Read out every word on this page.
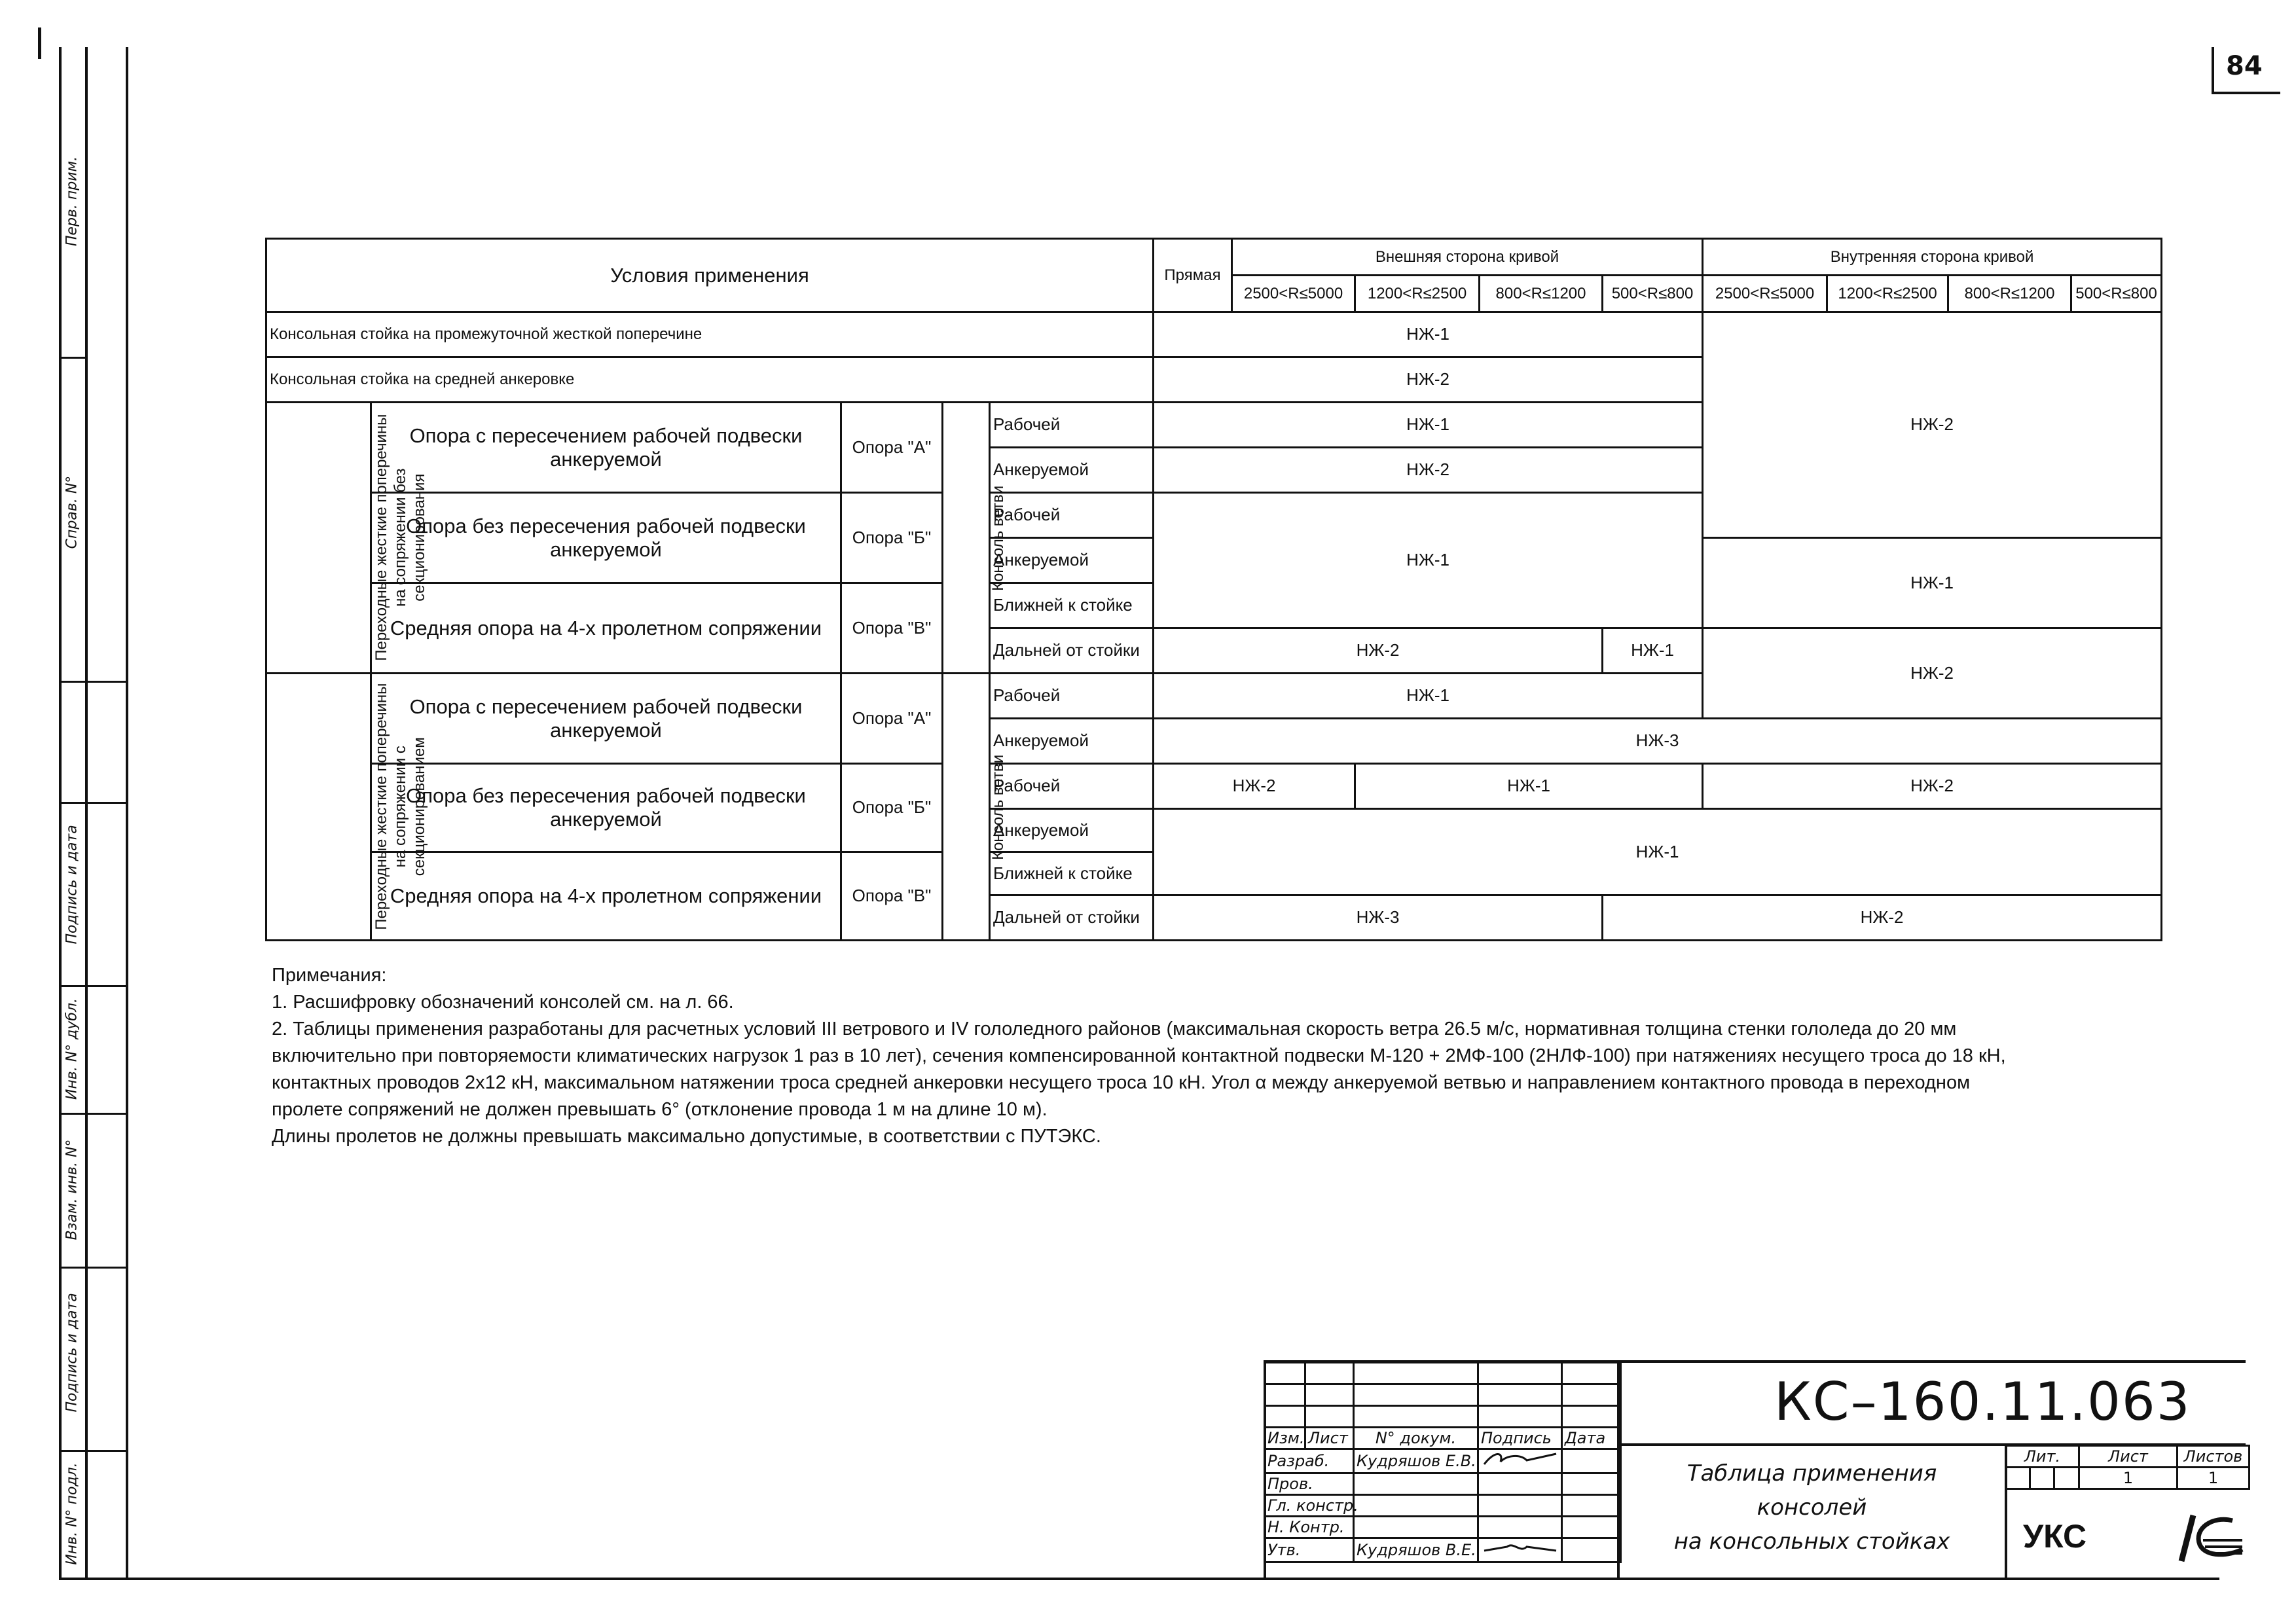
84
Перв. прим.
Справ. N°
Подпись и дата
Инв. N° дубл.
Взам. инв. N°
Подпись и дата
Инв. N° подл.
Условия применения					Прямая	Внешняя сторона кривой				Внутренняя сторона кривой			
						2500<R≤5000	1200<R≤2500	800<R≤1200	500<R≤800	2500<R≤5000	1200<R≤2500	800<R≤1200	500<R≤800
Консольная стойка на промежуточной жесткой поперечине					НЖ-1					НЖ-2			
Консольная стойка на средней анкеровке					НЖ-2								
Переходные жесткие поперечины на сопряжении без секционирования	Опора с пересечением рабочей подвески анкеруемой	Опора "А"	Консоль ветви	Рабочей	НЖ-1								
				Анкеруемой	НЖ-2								
	Опора без пересечения рабочей подвески анкеруемой	Опора "Б"		Рабочей	НЖ-1								
				Анкеруемой						НЖ-1			
	Средняя опора на 4-х пролетном сопряжении	Опора "В"		Ближней к стойке									
				Дальней от стойки	НЖ-2				НЖ-1	НЖ-2			
Переходные жесткие поперечины на сопряжении с секционированием	Опора с пересечением рабочей подвески анкеруемой	Опора "А"	Консоль ветви	Рабочей	НЖ-1								
				Анкеруемой	НЖ-3								
	Опора без пересечения рабочей подвески анкеруемой	Опора "Б"		Рабочей	НЖ-2		НЖ-1			НЖ-2			
				Анкеруемой	НЖ-1								
	Средняя опора на 4-х пролетном сопряжении	Опора "В"		Ближней к стойке									
				Дальней от стойки	НЖ-3				НЖ-2				
Примечания:
1. Расшифровку обозначений консолей см. на л. 66.
2. Таблицы применения разработаны для расчетных условий III ветрового и IV гололедного районов (максимальная скорость ветра 26.5 м/с, нормативная толщина стенки гололеда до 20 мм
включительно при повторяемости климатических нагрузок 1 раз в 10 лет), сечения компенсированной контактной подвески М-120 + 2МФ-100 (2НЛФ-100) при натяжениях несущего троса до 18 кН,
контактных проводов 2х12 кН, максимальном натяжении троса средней анкеровки несущего троса 10 кН. Угол α между анкеруемой ветвью и направлением контактного провода в переходном
пролете сопряжений не должен превышать 6° (отклонение провода 1 м на длине 10 м).
Длины пролетов не должны превышать максимально допустимые, в соответствии с ПУТЭКС.

Изм.	Лист	N° докум.	Подпись	Дата
Разраб.		Кудряшов Е.В.		
Пров.				
Гл. констр.				
Н. Контр.				
Утв.		Кудряшов В.Е.		
КС–160.11.063
Таблица применения
консолей
на консольных стойках
Лит.			Лист	Листов
			1	1
УКС
